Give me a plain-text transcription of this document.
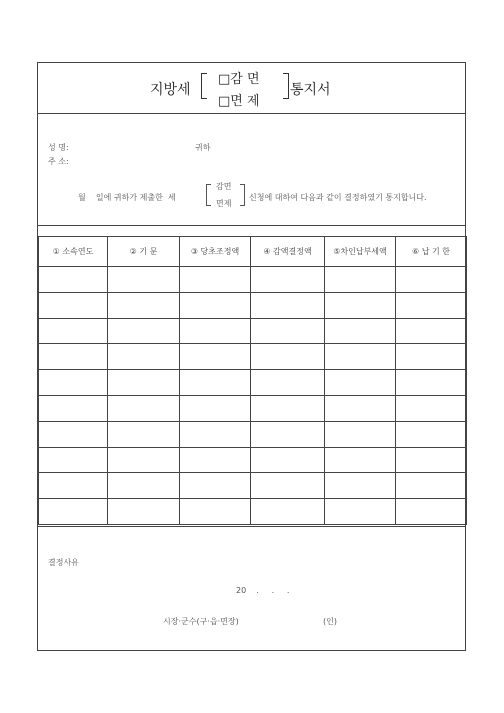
지방세
□감 면
□면 제
통지서
성 명:	귀하
주 소:
월    일에 귀하가 제출한  세
감면
면제
신청에 대하여 다음과 같이 결정하였기 통지합니다.
① 소속연도	② 기 문	③ 당초조정액	④ 감액결정액	⑤차인납부세액	⑥ 납 기 한

결정사유
20    .     .     .
시장·군수(구·읍·면장)	(인)
